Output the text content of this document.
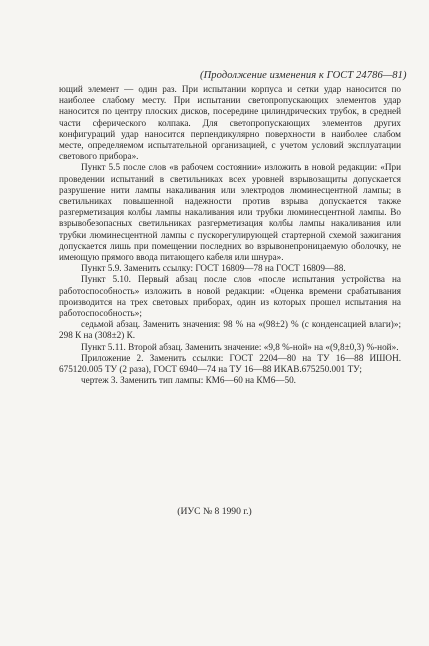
(Продолжение изменения к ГОСТ 24786—81)

ющий элемент — один раз. При испытании корпуса и сетки удар наносится по наиболее слабому месту. При испытании светопропускающих элементов удар наносится по центру плоских дисков, посередине цилиндрических трубок, в средней части сферического колпака. Для светопропускающих элементов других конфигураций удар наносится перпендикулярно поверхности в наиболее слабом месте, определяемом испытательной организацией, с учетом условий эксплуатации светового прибора».

Пункт 5.5 после слов «в рабочем состоянии» изложить в новой редакции: «При проведении испытаний в светильниках всех уровней взрывозащиты допускается разрушение нити лампы накаливания или электродов люминесцентной лампы; в светильниках повышенной надежности против взрыва допускается также разгерметизация колбы лампы накаливания или трубки люминесцентной лампы. Во взрывобезопасных светильниках разгерметизация колбы лампы накаливания или трубки люминесцентной лампы с пускорегулирующей стартерной схемой зажигания допускается лишь при помещении последних во взрывонепроницаемую оболочку, не имеющую прямого ввода питающего кабеля или шнура».

Пункт 5.9. Заменить ссылку: ГОСТ 16809—78 на ГОСТ 16809—88.

Пункт 5.10. Первый абзац после слов «после испытания устройства на работоспособность» изложить в новой редакции: «Оценка времени срабатывания производится на трех световых приборах, один из которых прошел испытания на работоспособность»;

седьмой абзац. Заменить значения: 98 % на «(98±2) % (с конденсацией влаги)»; 298 К на (308±2) К.

Пункт 5.11. Второй абзац. Заменить значение: «9,8 %-ной» на «(9,8±0,3) %-ной».

Приложение 2. Заменить ссылки: ГОСТ 2204—80 на ТУ 16—88 ИШОН. 675120.005 ТУ (2 раза), ГОСТ 6940—74 на ТУ 16—88 ИКАВ.675250.001 ТУ;

чертеж 3. Заменить тип лампы: КМ6—60 на КМ6—50.

(ИУС № 8 1990 г.)
